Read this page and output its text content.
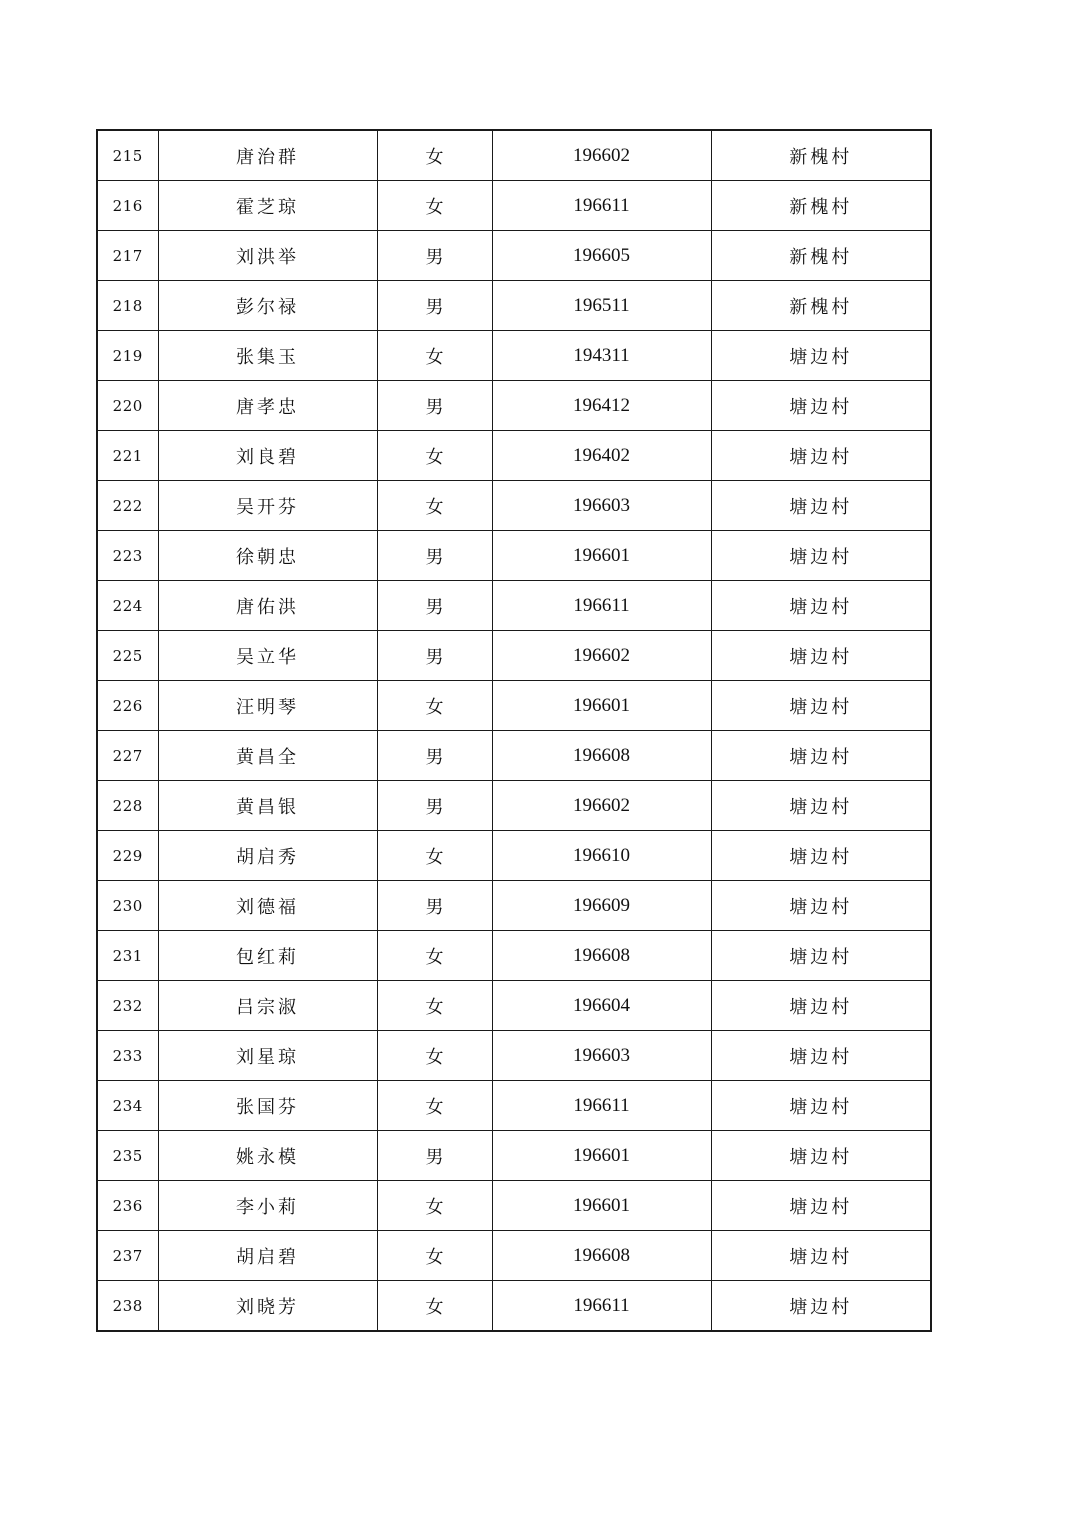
215	唐治群	女	196602	新槐村
216	霍芝琼	女	196611	新槐村
217	刘洪举	男	196605	新槐村
218	彭尔禄	男	196511	新槐村
219	张集玉	女	194311	塘边村
220	唐孝忠	男	196412	塘边村
221	刘良碧	女	196402	塘边村
222	吴开芬	女	196603	塘边村
223	徐朝忠	男	196601	塘边村
224	唐佑洪	男	196611	塘边村
225	吴立华	男	196602	塘边村
226	汪明琴	女	196601	塘边村
227	黄昌全	男	196608	塘边村
228	黄昌银	男	196602	塘边村
229	胡启秀	女	196610	塘边村
230	刘德福	男	196609	塘边村
231	包红莉	女	196608	塘边村
232	吕宗淑	女	196604	塘边村
233	刘星琼	女	196603	塘边村
234	张国芬	女	196611	塘边村
235	姚永模	男	196601	塘边村
236	李小莉	女	196601	塘边村
237	胡启碧	女	196608	塘边村
238	刘晓芳	女	196611	塘边村
